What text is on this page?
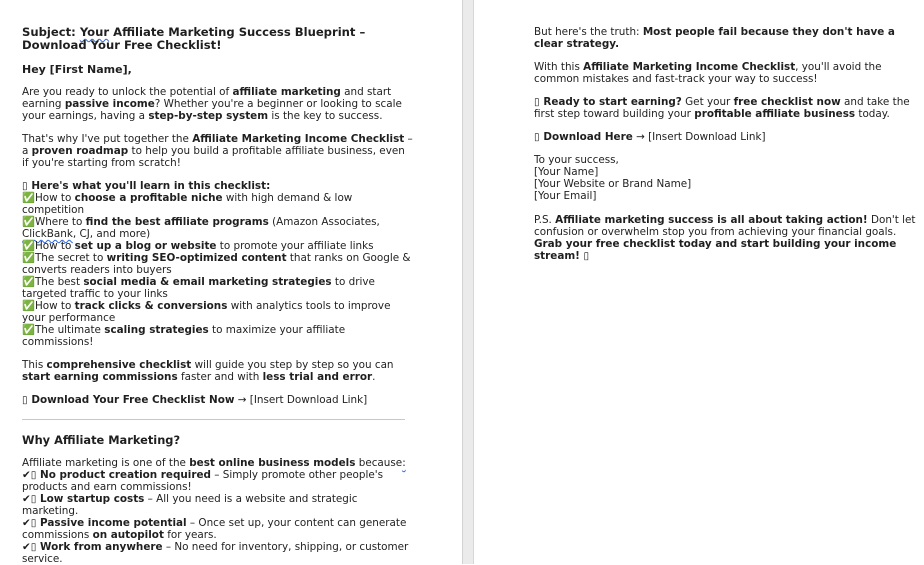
Subject: Your Affiliate Marketing Success Blueprint –
Download Your Free Checklist!

Hey [First Name],

Are you ready to unlock the potential of affiliate marketing and start earning passive income? Whether you're a beginner or looking to scale your earnings, having a step-by-step system is the key to success.

That's why I've put together the Affiliate Marketing Income Checklist – a proven roadmap to help you build a profitable affiliate business, even if you're starting from scratch!

▯ Here's what you'll learn in this checklist:

✅How to choose a profitable niche with high demand & low competition
✅Where to find the best affiliate programs (Amazon Associates, ClickBank, CJ, and more)
✅How to set up a blog or website to promote your affiliate links
✅The secret to writing SEO-optimized content that ranks on Google & converts readers into buyers
✅The best social media & email marketing strategies to drive targeted traffic to your links
✅How to track clicks & conversions with analytics tools to improve your performance
✅The ultimate scaling strategies to maximize your affiliate commissions!

This comprehensive checklist will guide you step by step so you can start earning commissions faster and with less trial and error.

▯ Download Your Free Checklist Now → [Insert Download Link]

Why Affiliate Marketing?

Affiliate marketing is one of the best online business models because:

✔▯ No product creation required – Simply promote other people's products and earn commissions!
✔▯ Low startup costs – All you need is a website and strategic marketing.
✔▯ Passive income potential – Once set up, your content can generate commissions on autopilot for years.
✔▯ Work from anywhere – No need for inventory, shipping, or customer service.

But here's the truth: Most people fail because they don't have a clear strategy.

With this Affiliate Marketing Income Checklist, you'll avoid the common mistakes and fast-track your way to success!

▯ Ready to start earning? Get your free checklist now and take the first step toward building your profitable affiliate business today.

▯ Download Here → [Insert Download Link]

To your success,
[Your Name]
[Your Website or Brand Name]
[Your Email]

P.S. Affiliate marketing success is all about taking action! Don't let confusion or overwhelm stop you from achieving your financial goals. Grab your free checklist today and start building your income stream! ▯
